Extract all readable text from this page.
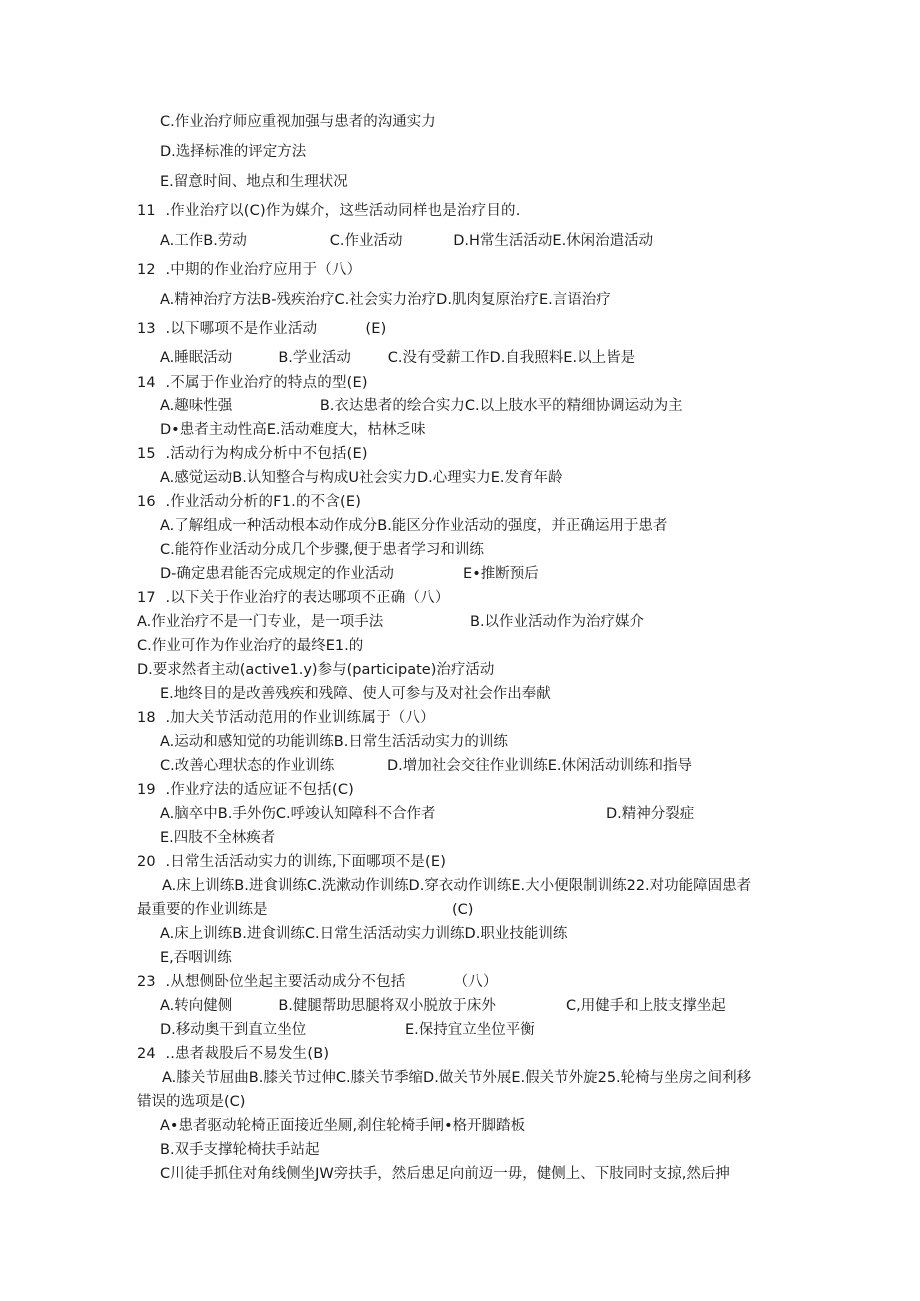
C.作业治疗师应重视加强与患者的沟通实力
D.选择标准的评定方法
E.留意时间、地点和生理状况
11  .作业治疗以(C)作为媒介，这些活动同样也是治疗目的.
A.工作B.劳动                  C.作业活动           D.H常生活活动E.休闲治遣活动
12  .中期的作业治疗应用于（八）
A.精神治疗方法B-残疾治疗C.社会实力治疗D.肌肉复原治疗E.言语治疗
13  .以下哪项不是作业活动          (E)
A.睡眠活动          B.学业活动        C.没有受薪工作D.自我照料E.以上皆是
14  .不属于作业治疗的特点的型(E)
A.趣味性强                   B.衣达患者的绘合实力C.以上肢水平的精细协调运动为主
D•患者主动性高E.活动难度大，枯林乏味
15  .活动行为构成分析中不包括(E)
A.感觉运动B.认知整合与构成U社会实力D.心理实力E.发育年龄
16  .作业活动分析的F1.的不含(E)
A.了解组成一种活动根本动作成分B.能区分作业活动的强度，并正确运用于患者
C.能符作业活动分成几个步骤,便于患者学习和训练
D-确定患君能否完成规定的作业活动               E•推断预后
17  .以下关于作业治疗的表达哪项不正确（八）
A.作业治疗不是一门专业，是一项手法	B.以作业活动作为治疗媒介
C.作业可作为作业治疗的最终E1.的
D.要求然者主动(active1.y)参与(participate)治疗活动
E.地终目的是改善残疾和残障、使人可参与及对社会作出奉献
18  .加大关节活动范用的作业训练属于（八）
A.运动和感知觉的功能训练B.日常生活活动实力的训练
C.改善心理状态的作业训练	D.增加社会交往作业训练E.休闲活动训练和指导
19  .作业疗法的适应证不包括(C)
A.脑卒中B.手外伤C.呼竣认知障科不合作者	D.精神分裂症
E.四肢不全林痪者
20  .日常生活活动实力的训练,下面哪项不是(E)
A.床上训练B.进食训练C.洗漱动作训练D.穿衣动作训练E.大小便限制训练22.对功能障固患者
最重要的作业训练是	(C)
A.床上训练B.进食训练C.日常生活活动实力训练D.职业技能训练
E,吞咽训练
23  .从想侧卧位坐起主要活动成分不包括          （八）
A.转向健侧          B.健腿帮助思腿将双小脱放于床外	C,用健手和上肢支撑坐起
D.移动奥干到直立坐位	E.保持宜立坐位平衡
24  ..患者裁股后不易发生(B)
A.膝关节屈曲B.膝关节过伸C.膝关节季缩D.做关节外展E.假关节外旋25.轮椅与坐房之间利移
错误的选项是(C)
A•患者驱动轮椅正面接近坐厕,刹住轮椅手闸•格开脚踏板
B.双手支撑轮椅扶手站起
C川徒手抓住对角线侧坐JW旁扶手，然后患足向前迈一毋，健侧上、下肢同时支掠,然后抻
